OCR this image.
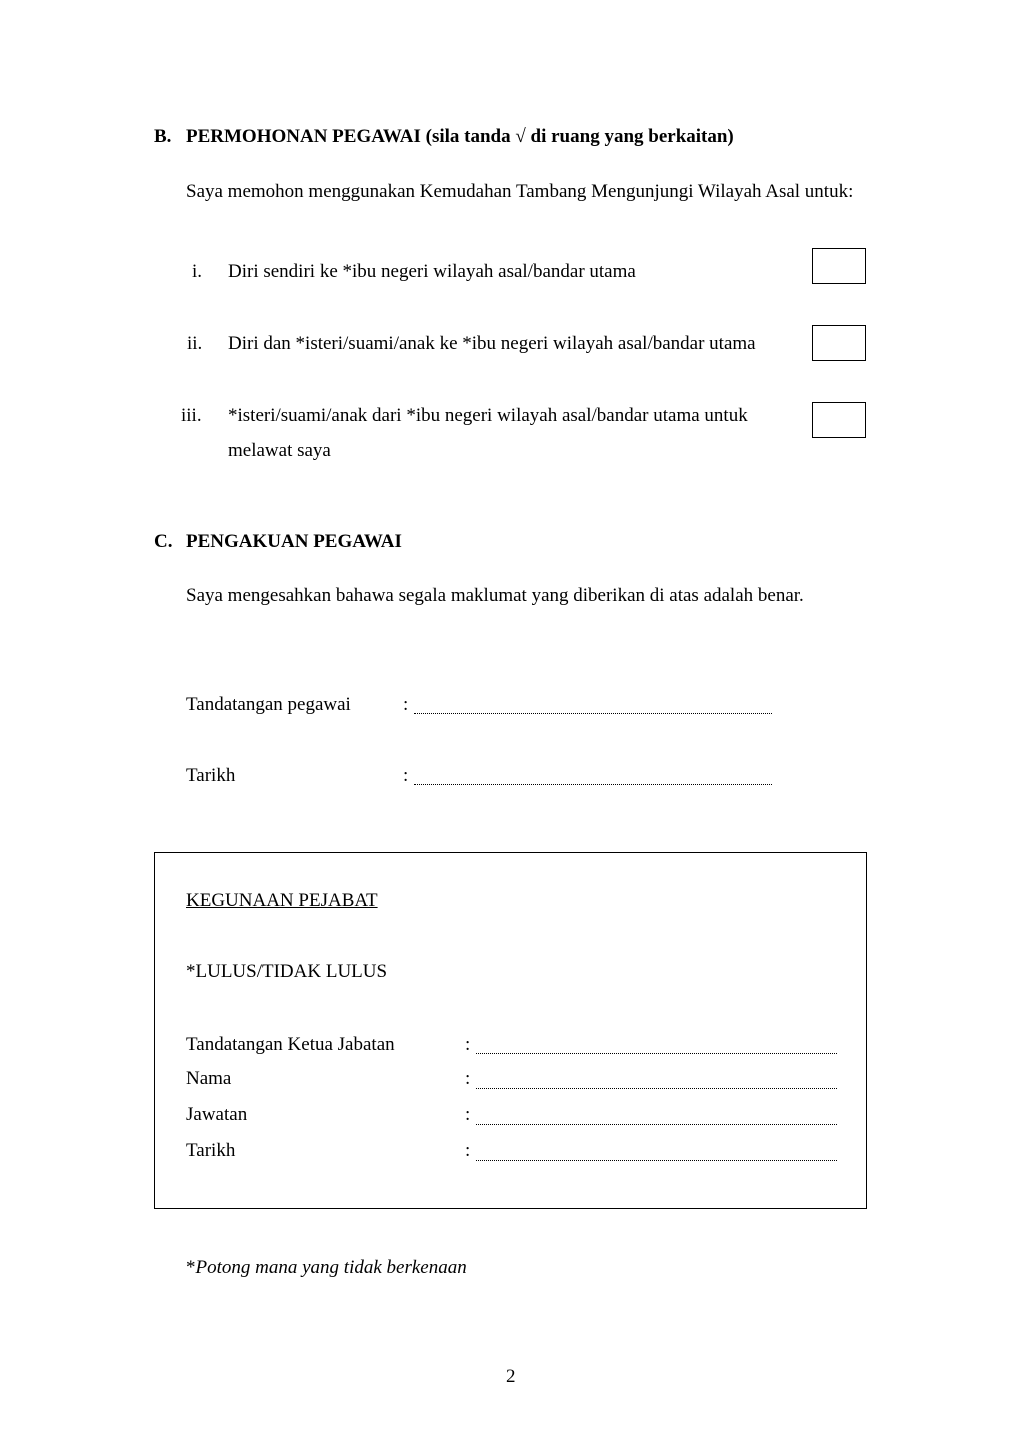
B. PERMOHONAN PEGAWAI (sila tanda √ di ruang yang berkaitan)
Saya memohon menggunakan Kemudahan Tambang Mengunjungi Wilayah Asal untuk:
i. Diri sendiri ke *ibu negeri wilayah asal/bandar utama
ii. Diri dan *isteri/suami/anak ke *ibu negeri wilayah asal/bandar utama
iii. *isteri/suami/anak dari *ibu negeri wilayah asal/bandar utama untuk
melawat saya
C. PENGAKUAN PEGAWAI
Saya mengesahkan bahawa segala maklumat yang diberikan di atas adalah benar.
Tandatangan pegawai	:
Tarikh	:
KEGUNAAN PEJABAT
*LULUS/TIDAK LULUS
Tandatangan Ketua Jabatan	:
Nama	:
Jawatan	:
Tarikh	:
*Potong mana yang tidak berkenaan
2
